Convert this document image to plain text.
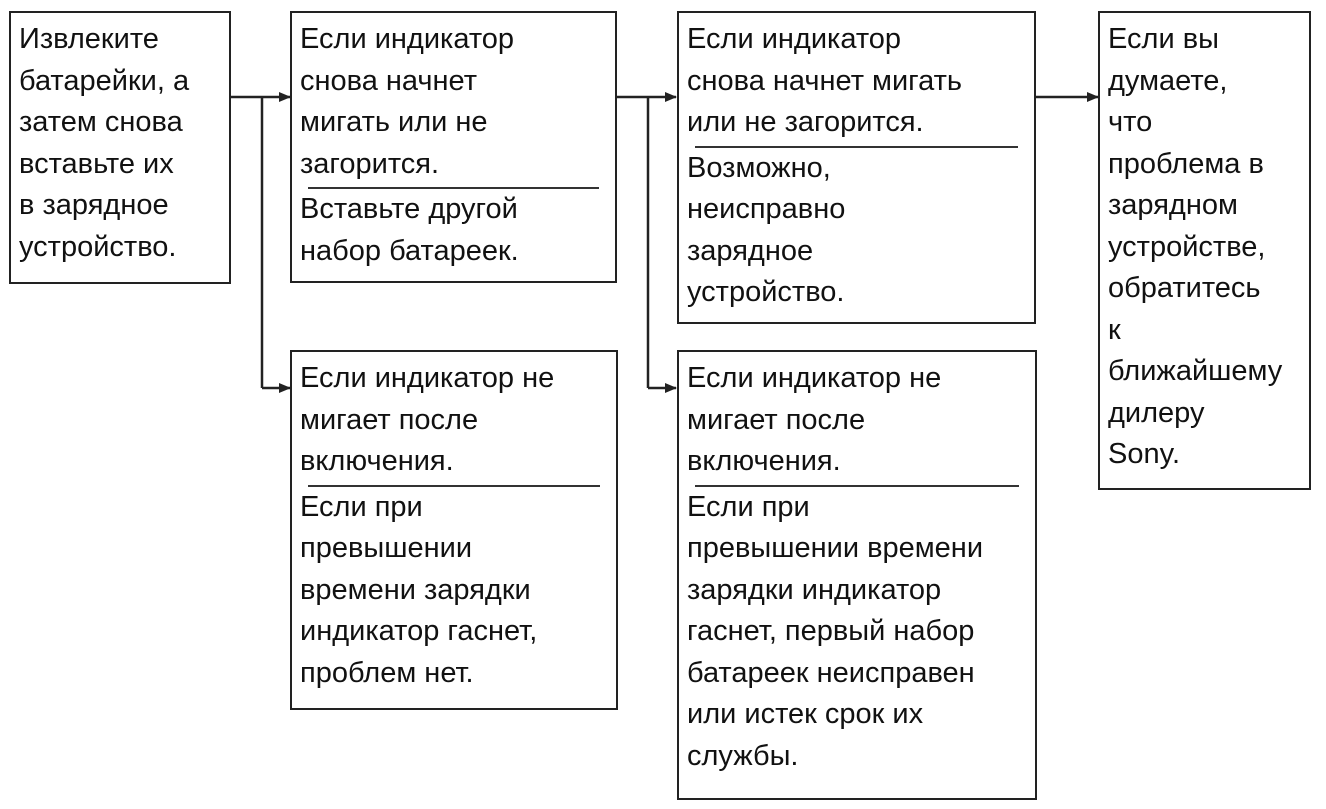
Извлеките
батарейки, а
затем снова
вставьте их
в зарядное
устройство.
Если индикатор
снова начнет
мигать или не
загорится.
Вставьте другой
набор батареек.
Если индикатор не
мигает после
включения.
Если при
превышении
времени зарядки
индикатор гаснет,
проблем нет.
Если индикатор
снова начнет мигать
или не загорится.
Возможно,
неисправно
зарядное
устройство.
Если индикатор не
мигает после
включения.
Если при
превышении времени
зарядки индикатор
гаснет, первый набор
батареек неисправен
или истек срок их
службы.
Если вы
думаете,
что
проблема в
зарядном
устройстве,
обратитесь
к
ближайшему
дилеру
Sony.
